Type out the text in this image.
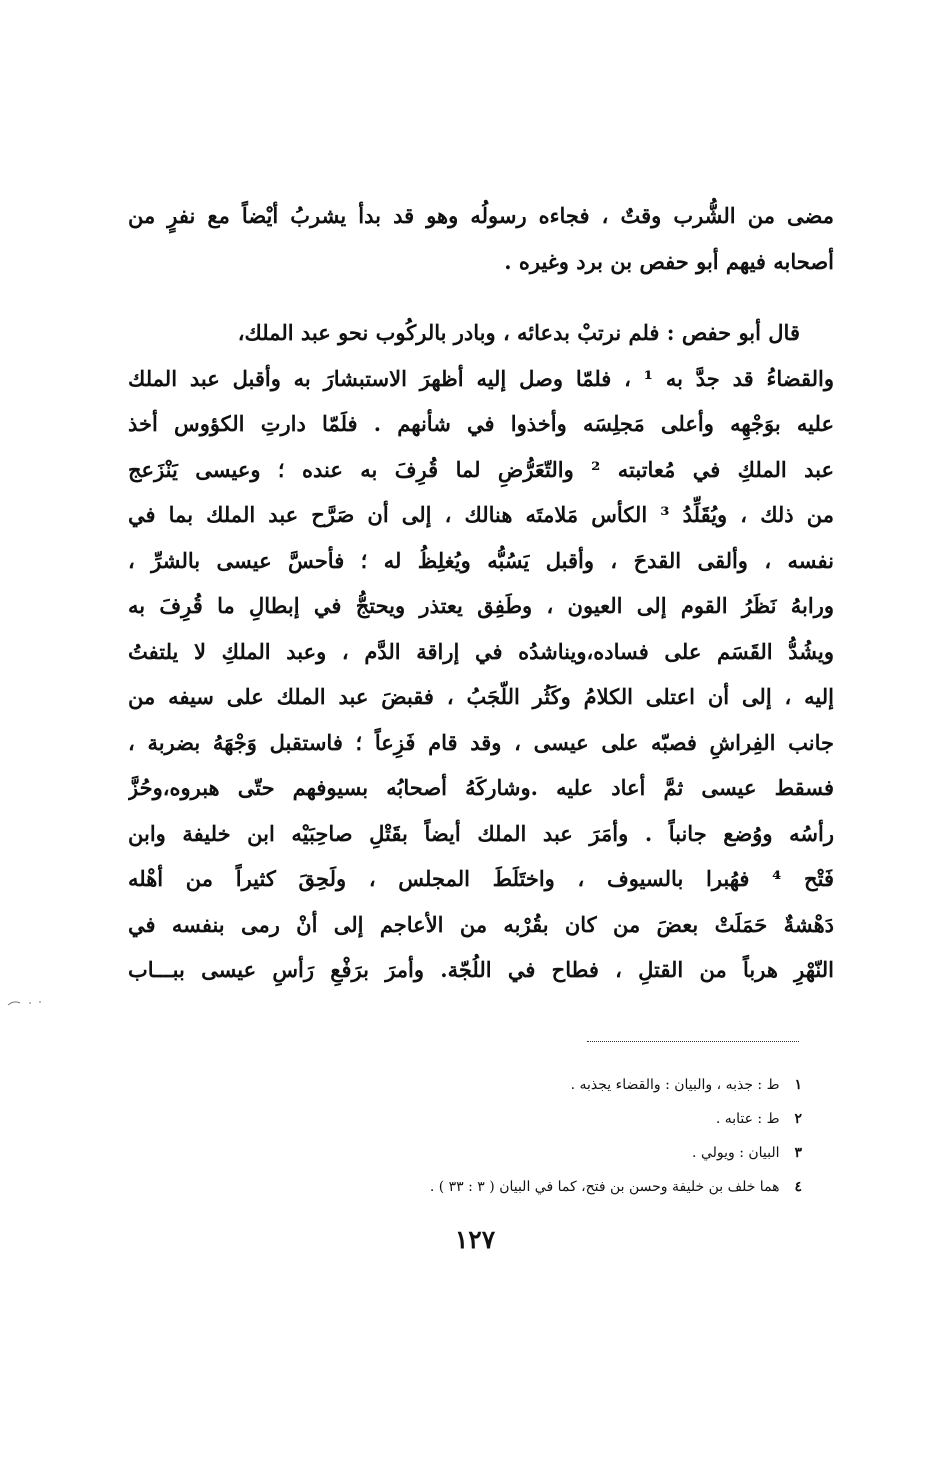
مضى من الشُّرب وقتٌ ، فجاءه رسولُه وهو قد بدأ يشربُ أيْضاً مع نفرٍ من
أصحابه فيهم أبو حفص بن برد وغيره .
قال أبو حفص : فلم نرتبْ بدعائه ، وبادر بالركُوب نحو عبد الملك،
والقضاءُ قد جدَّ به ¹ ، فلمّا وصل إليه أظهرَ الاستبشارَ به وأقبل عبد الملك
عليه بوَجْهِه وأعلى مَجلِسَه وأخذوا في شأنهم . فلَمّا دارتِ الكؤوس أخذ
عبد الملكِ في مُعاتبته ² والتّعَرُّضِ لما قُرِفَ به عنده ؛ وعيسى يَنْزَعج
من ذلك ، ويُقَلِّدُ ³ الكأس مَلامتَه هنالك ، إلى أن صَرَّح عبد الملك بما في
نفسه ، وألقى القدحَ ، وأقبل يَسُبُّه ويُغلِظُ له ؛ فأحسَّ عيسى بالشرِّ ،
ورابهُ نَظَرُ القوم إلى العيون ، وطَفِق يعتذر ويحتجُّ في إبطالِ ما قُرِفَ به
ويشُدُّ القَسَم على فساده،ويناشدُه في إراقة الدَّم ، وعبد الملكِ لا يلتفتُ
إليه ، إلى أن اعتلى الكلامُ وكَثُر اللّجَبُ ، فقبضَ عبد الملك على سيفه من
جانب الفِراشِ فصبّه على عيسى ، وقد قام فَزِعاً ؛ فاستقبل وَجْهَهُ بضربة ،
فسقط عيسى ثمَّ أعاد عليه .وشاركَهُ أصحابُه بسيوفهم حتّى هبروه،وحُزَّ
رأسُه ووُضع جانباً . وأمَرَ عبد الملك أيضاً بقَتْلِ صاحِبَيْه ابن خليفة وابن
فَتْح ⁴ فهُبرا بالسيوف ، واختَلَطَ المجلس ، ولَحِقَ كثيراً من أهْله
دَهْشةٌ حَمَلَتْ بعضَ من كان بقُرْبه من الأعاجم إلى أنْ رمى بنفسه في
النّهْرِ هرباً من القتلِ ، فطاح في اللُجّة. وأمرَ برَفْعِ رَأسِ عيسى ببـــاب
١ ط : جذبه ، والبيان : والقضاء يجذبه .
٢ ط : عتابه .
٣ البيان : ويولي .
٤ هما خلف بن خليفة وحسن بن فتح، كما في البيان ( ٣ : ٣٣ ) .
١٢٧
